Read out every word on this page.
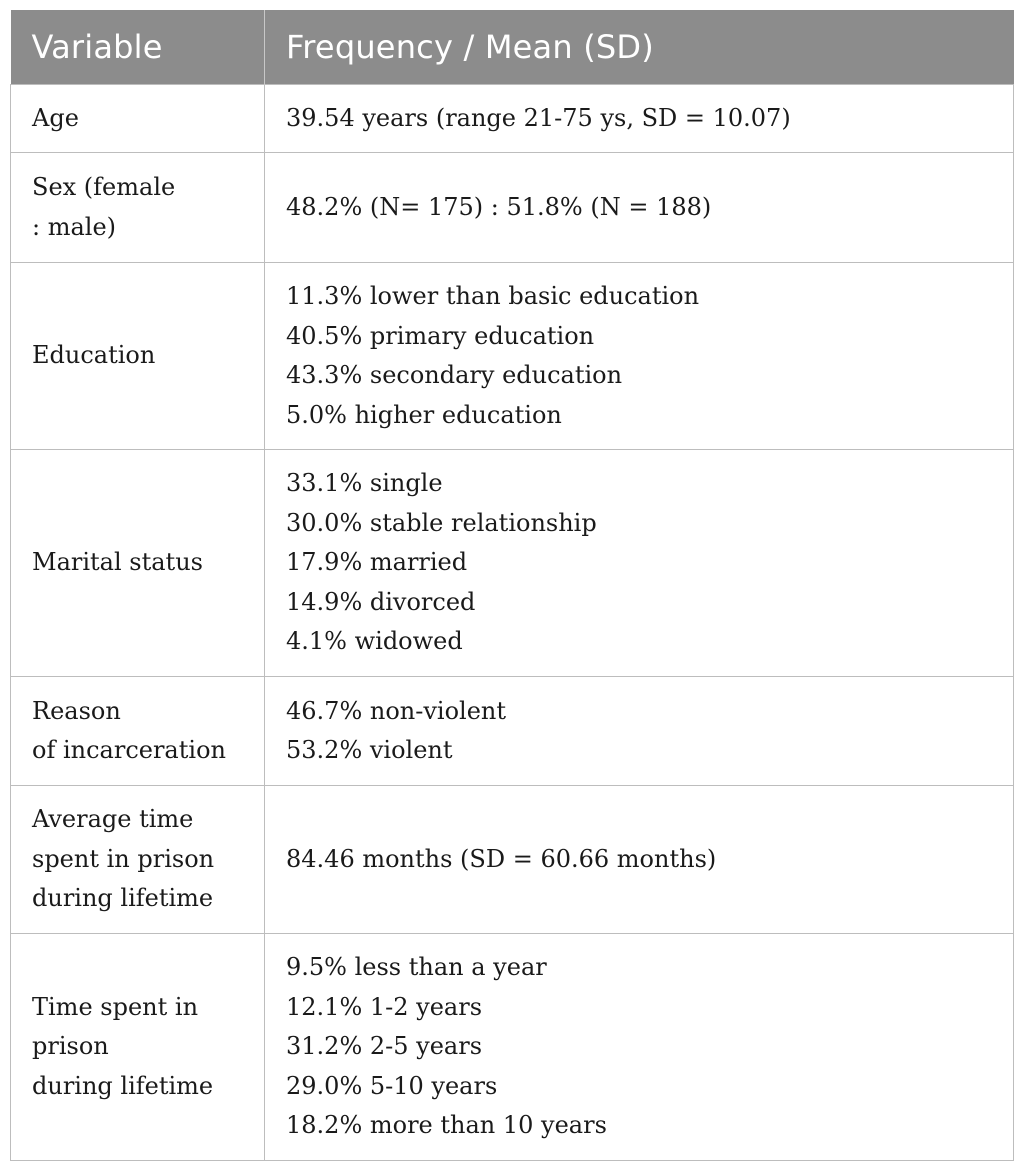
Variable	Frequency / Mean (SD)

Age	39.54 years (range 21-75 ys, SD = 10.07)

Sex (female
: male)	48.2% (N= 175) : 51.8% (N = 188)

Education	11.3% lower than basic education
40.5% primary education
43.3% secondary education
5.0% higher education

Marital status	33.1% single
30.0% stable relationship
17.9% married
14.9% divorced
4.1% widowed

Reason
of incarceration	46.7% non-violent
53.2% violent

Average time
spent in prison
during lifetime	84.46 months (SD = 60.66 months)

Time spent in
prison
during lifetime	9.5% less than a year
12.1% 1-2 years
31.2% 2-5 years
29.0% 5-10 years
18.2% more than 10 years
